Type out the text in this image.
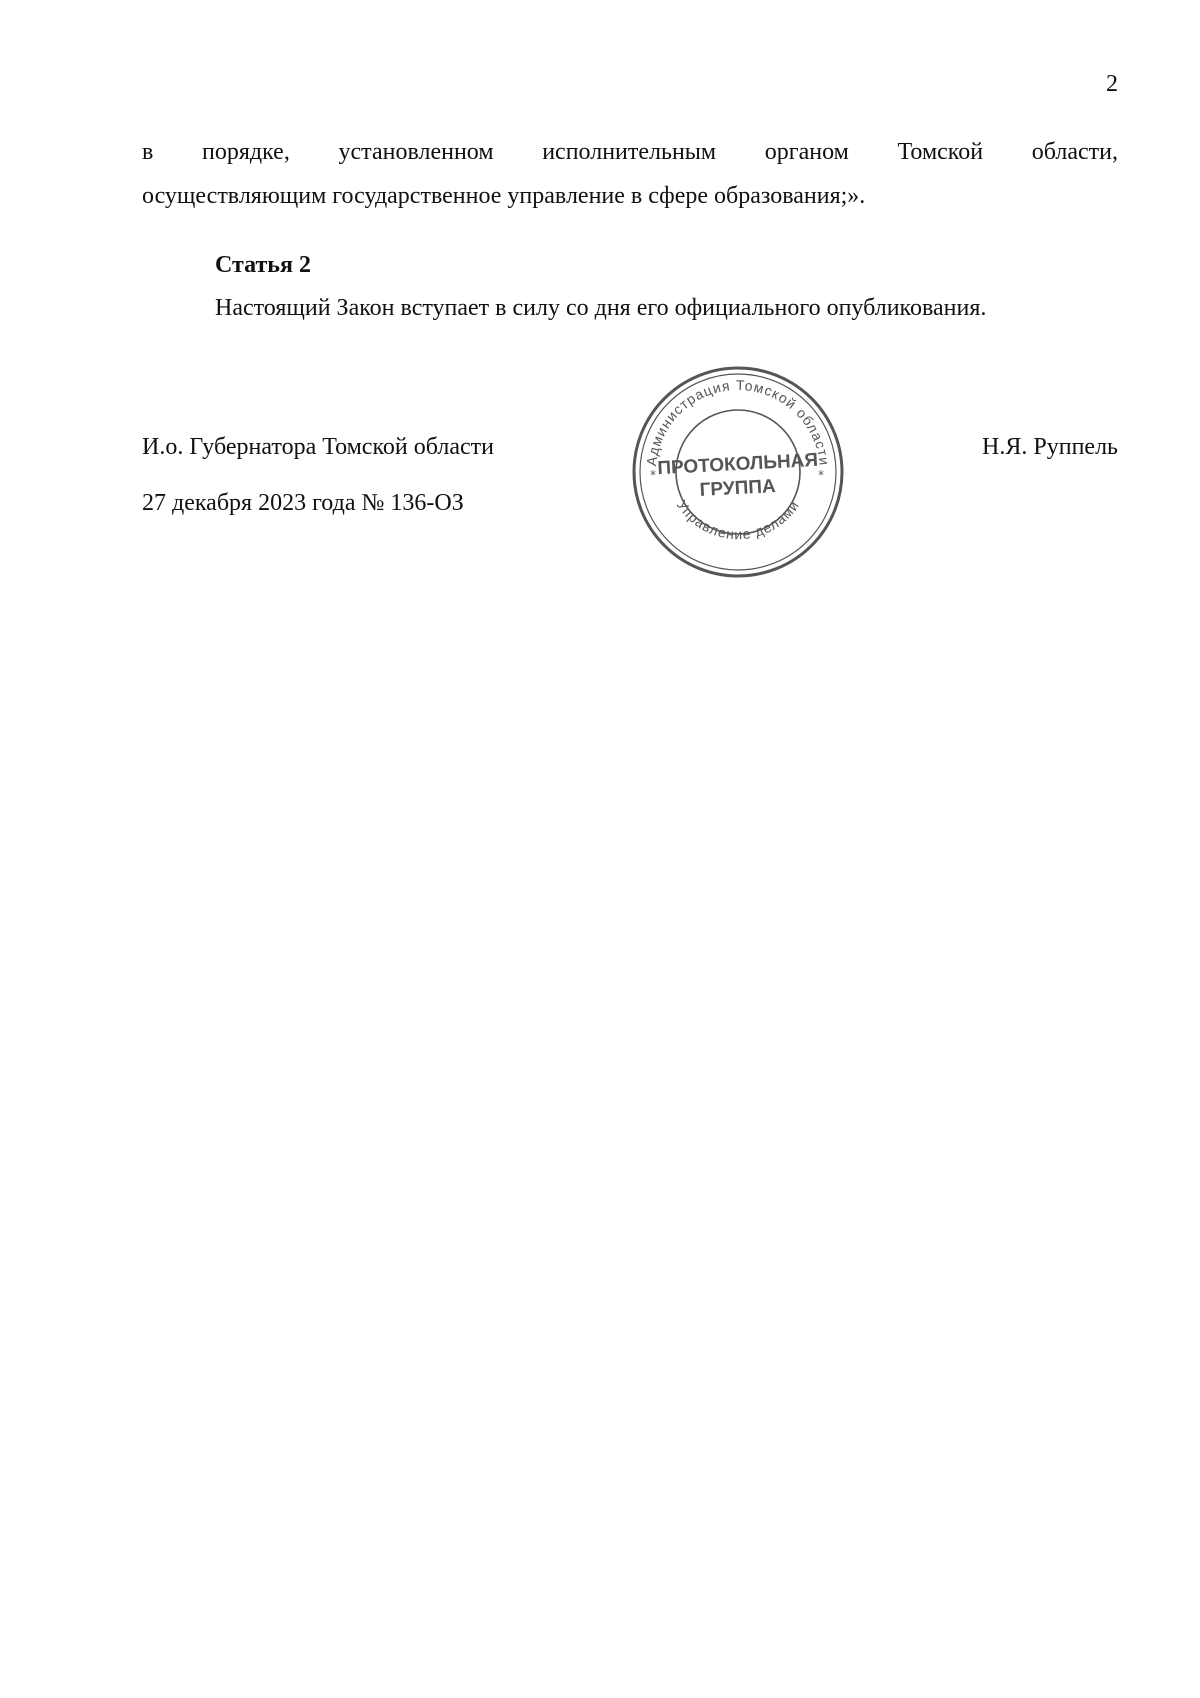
2
в порядке, установленном исполнительным органом Томской области,
осуществляющим государственное управление в сфере образования;».
Статья 2
Настоящий Закон вступает в силу со дня его официального опубликования.
И.о. Губернатора Томской области
27 декабря 2023 года № 136-ОЗ
Н.Я. Руппель
Администрация Томской области
Управление делами
*	*
ПРОТОКОЛЬНАЯ
ГРУППА
